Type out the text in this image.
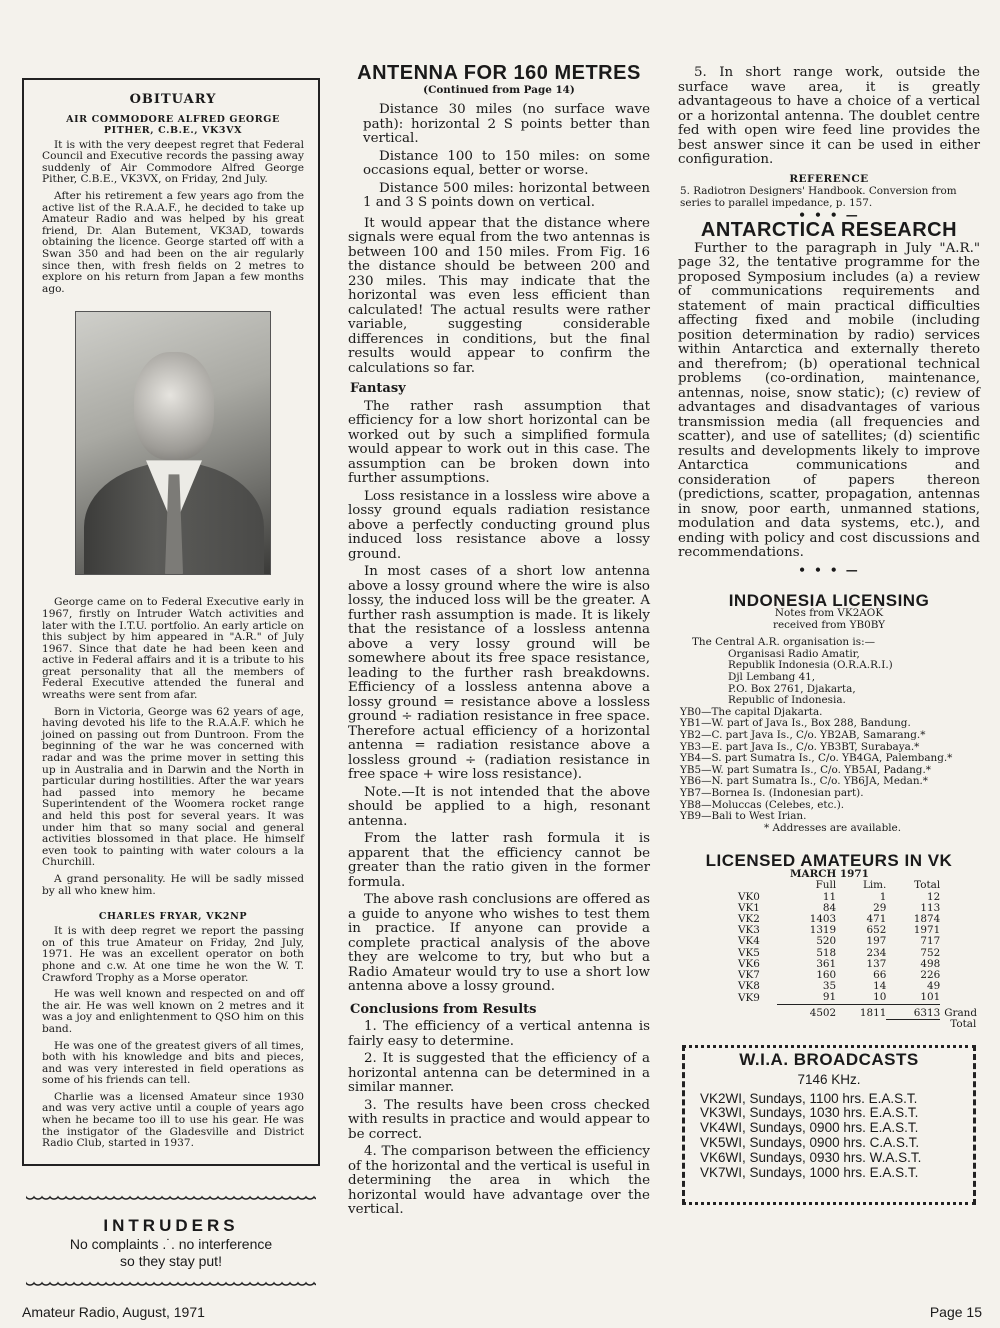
OBITUARY
AIR COMMODORE ALFRED GEORGE PITHER, C.B.E., VK3VX

It is with the very deepest regret that Federal Council and Executive records the passing away suddenly of Air Commodore Alfred George Pither, C.B.E., VK3VX, on Friday, 2nd July.

After his retirement a few years ago from the active list of the R.A.A.F., he decided to take up Amateur Radio and was helped by his great friend, Dr. Alan Butement, VK3AD, towards obtaining the licence. George started off with a Swan 350 and had been on the air regularly since then, with fresh fields on 2 metres to explore on his return from Japan a few months ago.

George came on to Federal Executive early in 1967, firstly on Intruder Watch activities and later with the I.T.U. portfolio. An early article on this subject by him appeared in "A.R." of July 1967. Since that date he had been keen and active in Federal affairs and it is a tribute to his great personality that all the members of Federal Executive attended the funeral and wreaths were sent from afar.

Born in Victoria, George was 62 years of age, having devoted his life to the R.A.A.F. which he joined on passing out from Duntroon. From the beginning of the war he was concerned with radar and was the prime mover in setting this up in Australia and in Darwin and the North in particular during hostilities. After the war years had passed into memory he became Superintendent of the Woomera rocket range and held this post for several years. It was under him that so many social and general activities blossomed in that place. He himself even took to painting with water colours a la Churchill.

A grand personality. He will be sadly missed by all who knew him.

CHARLES FRYAR, VK2NP

It is with deep regret we report the passing on of this true Amateur on Friday, 2nd July, 1971. He was an excellent operator on both phone and c.w. At one time he won the W. T. Crawford Trophy as a Morse operator.

He was well known and respected on and off the air. He was well known on 2 metres and it was a joy and enlightenment to QSO him on this band.

He was one of the greatest givers of all times, both with his knowledge and bits and pieces, and was very interested in field operations as some of his friends can tell.

Charlie was a licensed Amateur since 1930 and was very active until a couple of years ago when he became too ill to use his gear. He was the instigator of the Gladesville and District Radio Club, started in 1937.

INTRUDERS
No complaints .˙. no interference
so they stay put!
ANTENNA FOR 160 METRES
(Continued from Page 14)

Distance 30 miles (no surface wave path): horizontal 2 S points better than vertical.

Distance 100 to 150 miles: on some occasions equal, better or worse.

Distance 500 miles: horizontal between 1 and 3 S points down on vertical.

It would appear that the distance where signals were equal from the two antennas is between 100 and 150 miles. From Fig. 16 the distance should be between 200 and 230 miles. This may indicate that the horizontal was even less efficient than calculated! The actual results were rather variable, suggesting considerable differences in conditions, but the final results would appear to confirm the calculations so far.

Fantasy

The rather rash assumption that efficiency for a low short horizontal can be worked out by such a simplified formula would appear to work out in this case. The assumption can be broken down into further assumptions.

Loss resistance in a lossless wire above a lossy ground equals radiation resistance above a perfectly conducting ground plus induced loss resistance above a lossy ground.

In most cases of a short low antenna above a lossy ground where the wire is also lossy, the induced loss will be the greater. A further rash assumption is made. It is likely that the resistance of a lossless antenna above a very lossy ground will be somewhere about its free space resistance, leading to the further rash breakdowns. Efficiency of a lossless antenna above a lossy ground = resistance above a lossless ground ÷ radiation resistance in free space. Therefore actual efficiency of a horizontal antenna = radiation resistance above a lossless ground ÷ (radiation resistance in free space + wire loss resistance).

Note.—It is not intended that the above should be applied to a high, resonant antenna.

From the latter rash formula it is apparent that the efficiency cannot be greater than the ratio given in the former formula.

The above rash conclusions are offered as a guide to anyone who wishes to test them in practice. If anyone can provide a complete practical analysis of the above they are welcome to try, but who but a Radio Amateur would try to use a short low antenna above a lossy ground.

Conclusions from Results

1. The efficiency of a vertical antenna is fairly easy to determine.

2. It is suggested that the efficiency of a horizontal antenna can be determined in a similar manner.

3. The results have been cross checked with results in practice and would appear to be correct.

4. The comparison between the efficiency of the horizontal and the vertical is useful in determining the area in which the horizontal would have advantage over the vertical.

5. In short range work, outside the surface wave area, it is greatly advantageous to have a choice of a vertical or a horizontal antenna. The doublet centre fed with open wire feed line provides the best answer since it can be used in either configuration.

REFERENCE
5. Radiotron Designers' Handbook. Conversion from series to parallel impedance, p. 157.
• • • —
ANTARCTICA RESEARCH

Further to the paragraph in July "A.R." page 32, the tentative programme for the proposed Symposium includes (a) a review of communications requirements and statement of main practical difficulties affecting fixed and mobile (including position determination by radio) services within Antarctica and externally thereto and therefrom; (b) operational technical problems (co-ordination, maintenance, antennas, noise, snow static); (c) review of advantages and disadvantages of various transmission media (all frequencies and scatter), and use of satellites; (d) scientific results and developments likely to improve Antarctica communications and consideration of papers thereon (predictions, scatter, propagation, antennas in snow, poor earth, unmanned stations, modulation and data systems, etc.), and ending with policy and cost discussions and recommendations.

• • • —
INDONESIA LICENSING
Notes from VK2AOK
received from YB0BY
The Central A.R. organisation is:—
Organisasi Radio Amatir,
Republik Indonesia (O.R.A.R.I.)
Djl Lembang 41,
P.O. Box 2761, Djakarta,
Republic of Indonesia.
YB0—The capital Djakarta.
YB1—W. part of Java Is., Box 288, Bandung.
YB2—C. part Java Is., C/o. YB2AB, Samarang.*
YB3—E. part Java Is., C/o. YB3BT, Surabaya.*
YB4—S. part Sumatra Is., C/o. YB4GA, Palembang.*
YB5—W. part Sumatra Is., C/o. YB5AI, Padang.*
YB6—N. part Sumatra Is., C/o. YB6JA, Medan.*
YB7—Bornea Is. (Indonesian part).
YB8—Moluccas (Celebes, etc.).
YB9—Bali to West Irian.
* Addresses are available.
LICENSED AMATEURS IN VK
MARCH 1971
	Full	Lim.	Total	
VK0	11	1	12	
VK1	84	29	113	
VK2	1403	471	1874	
VK3	1319	652	1971	
VK4	520	197	717	
VK5	518	234	752	
VK6	361	137	498	
VK7	160	66	226	
VK8	35	14	49	
VK9	91	10	101	
	4502	1811	6313	Grand
				Total
W.I.A. BROADCASTS
7146 KHz.
VK2WI, Sundays, 1100 hrs. E.A.S.T.
VK3WI, Sundays, 1030 hrs. E.A.S.T.
VK4WI, Sundays, 0900 hrs. E.A.S.T.
VK5WI, Sundays, 0900 hrs. C.A.S.T.
VK6WI, Sundays, 0930 hrs. W.A.S.T.
VK7WI, Sundays, 1000 hrs. E.A.S.T.
Amateur Radio, August, 1971	Page 15
